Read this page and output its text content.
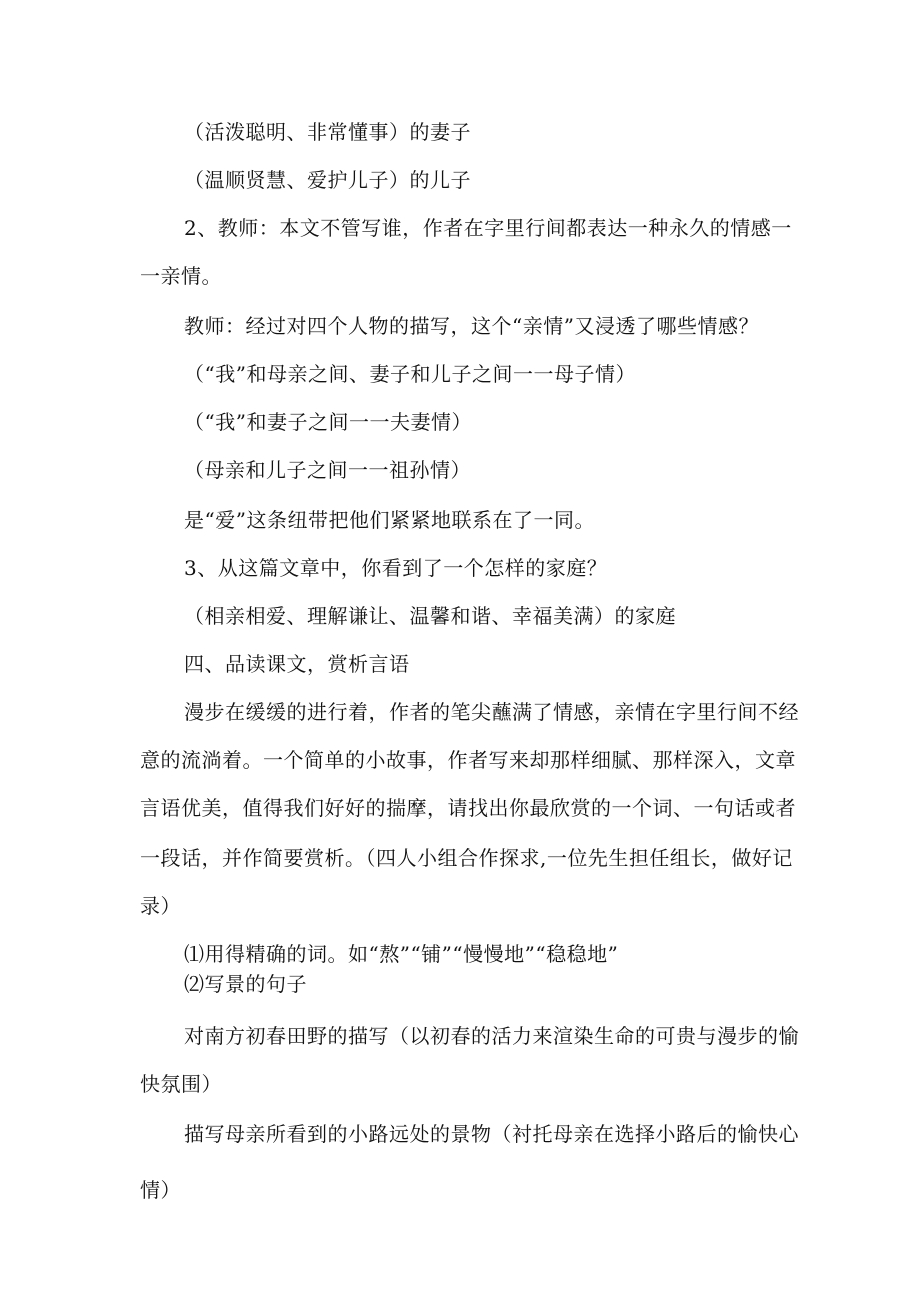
（活泼聪明、非常懂事）的妻子
（温顺贤慧、爱护儿子）的儿子
2、教师：本文不管写谁，作者在字里行间都表达一种永久的情感一
一亲情。
教师：经过对四个人物的描写，这个“亲情”又浸透了哪些情感？
（“我”和母亲之间、妻子和儿子之间一一母子情）
（“我”和妻子之间一一夫妻情）
（母亲和儿子之间一一祖孙情）
是“爱”这条纽带把他们紧紧地联系在了一同。
3、从这篇文章中，你看到了一个怎样的家庭？
（相亲相爱、理解谦让、温馨和谐、幸福美满）的家庭
四、品读课文，赏析言语
漫步在缓缓的进行着，作者的笔尖蘸满了情感，亲情在字里行间不经
意的流淌着。一个简单的小故事，作者写来却那样细腻、那样深入，文章
言语优美，值得我们好好的揣摩，请找出你最欣赏的一个词、一句话或者
一段话，并作简要赏析。（四人小组合作探求,一位先生担任组长，做好记
录）
⑴用得精确的词。如“熬”“铺”“慢慢地”“稳稳地”
⑵写景的句子
对南方初春田野的描写（以初春的活力来渲染生命的可贵与漫步的愉
快氛围）
描写母亲所看到的小路远处的景物（衬托母亲在选择小路后的愉快心
情）
